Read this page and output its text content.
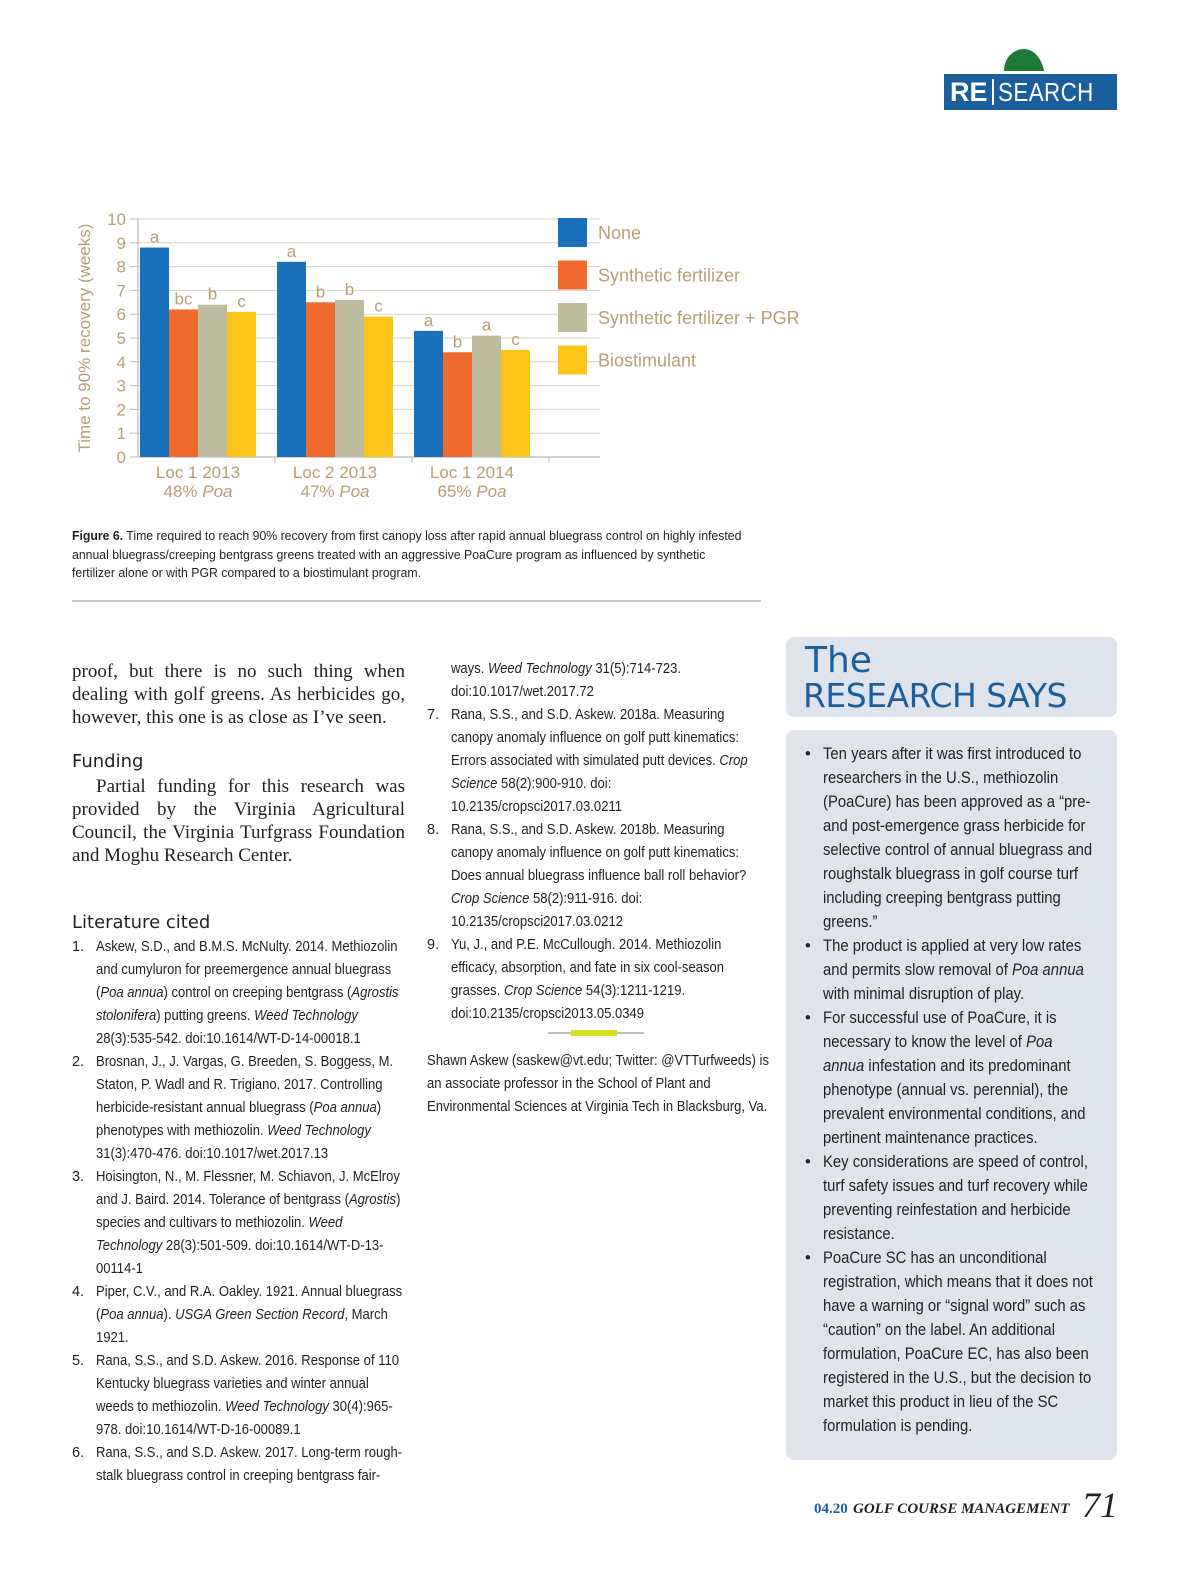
RE SEARCH
0
1
2
3
4
5
6
7
8
9
10
Time to 90% recovery (weeks)	a
bc b c
Loc 1 2013
48% Poa
a
b b
c
Loc 2 2013
47% Poa
a
b
a
c
Loc 1 2014
65% Poa
None
Synthetic fertilizer
Synthetic fertilizer + PGR
Biostimulant
Figure 6. Time required to reach 90% recovery from first canopy loss after rapid annual bluegrass control on highly infested annual bluegrass/creeping bentgrass greens treated with an aggressive PoaCure program as influenced by synthetic fertilizer alone or with PGR compared to a biostimulant program.
proof, but there is no such thing when dealing with golf greens. As herbicides go, however, this one is as close as I’ve seen.
Funding

Partial funding for this research was provided by the Virginia Agricultural Council, the Virginia Turfgrass Foundation and Moghu Research Center.

Literature cited
1. Askew, S.D., and B.M.S. McNulty. 2014. Methiozolin and cumyluron for preemergence annual bluegrass (Poa annua) control on creeping bentgrass (Agrostis stolonifera) putting greens. Weed Technology 28(3):535-542. doi:10.1614/WT-D-14-00018.1
2. Brosnan, J., J. Vargas, G. Breeden, S. Boggess, M. Staton, P. Wadl and R. Trigiano. 2017. Controlling herbicide-resistant annual bluegrass (Poa annua) phenotypes with methiozolin. Weed Technology 31(3):470-476. doi:10.1017/wet.2017.13
3. Hoisington, N., M. Flessner, M. Schiavon, J. McElroy and J. Baird. 2014. Tolerance of bentgrass (Agrostis) species and cultivars to methiozolin. Weed Technology 28(3):501-509. doi:10.1614/WT-D-13-00114-1
4. Piper, C.V., and R.A. Oakley. 1921. Annual bluegrass (Poa annua). USGA Green Section Record, March 1921.
5. Rana, S.S., and S.D. Askew. 2016. Response of 110 Kentucky bluegrass varieties and winter annual weeds to methiozolin. Weed Technology 30(4):965-978. doi:10.1614/WT-D-16-00089.1
6. Rana, S.S., and S.D. Askew. 2017. Long-term rough-stalk bluegrass control in creeping bentgrass fair-
ways. Weed Technology 31(5):714-723. doi:10.1017/wet.2017.72
7. Rana, S.S., and S.D. Askew. 2018a. Measuring canopy anomaly influence on golf putt kinematics: Errors associated with simulated putt devices. Crop Science 58(2):900-910. doi: 10.2135/cropsci2017.03.0211
8. Rana, S.S., and S.D. Askew. 2018b. Measuring canopy anomaly influence on golf putt kinematics: Does annual bluegrass influence ball roll behavior? Crop Science 58(2):911-916. doi: 10.2135/cropsci2017.03.0212
9. Yu, J., and P.E. McCullough. 2014. Methiozolin efficacy, absorption, and fate in six cool-season grasses. Crop Science 54(3):1211-1219. doi:10.2135/cropsci2013.05.0349
Shawn Askew (saskew@vt.edu; Twitter: @VTTurfweeds) is an associate professor in the School of Plant and Environmental Sciences at Virginia Tech in Blacksburg, Va.
The
RESEARCH SAYS
• Ten years after it was first introduced to researchers in the U.S., methiozolin (PoaCure) has been approved as a “pre- and post-emergence grass herbicide for selective control of annual bluegrass and roughstalk bluegrass in golf course turf including creeping bentgrass putting greens.”
• The product is applied at very low rates and permits slow removal of Poa annua with minimal disruption of play.
• For successful use of PoaCure, it is necessary to know the level of Poa annua infestation and its predominant phenotype (annual vs. perennial), the prevalent environmental conditions, and pertinent maintenance practices.
• Key considerations are speed of control, turf safety issues and turf recovery while preventing reinfestation and herbicide resistance.
• PoaCure SC has an unconditional registration, which means that it does not have a warning or “signal word” such as “caution” on the label. An additional formulation, PoaCure EC, has also been registered in the U.S., but the decision to market this product in lieu of the SC formulation is pending.
04.20 GOLF COURSE MANAGEMENT 71
